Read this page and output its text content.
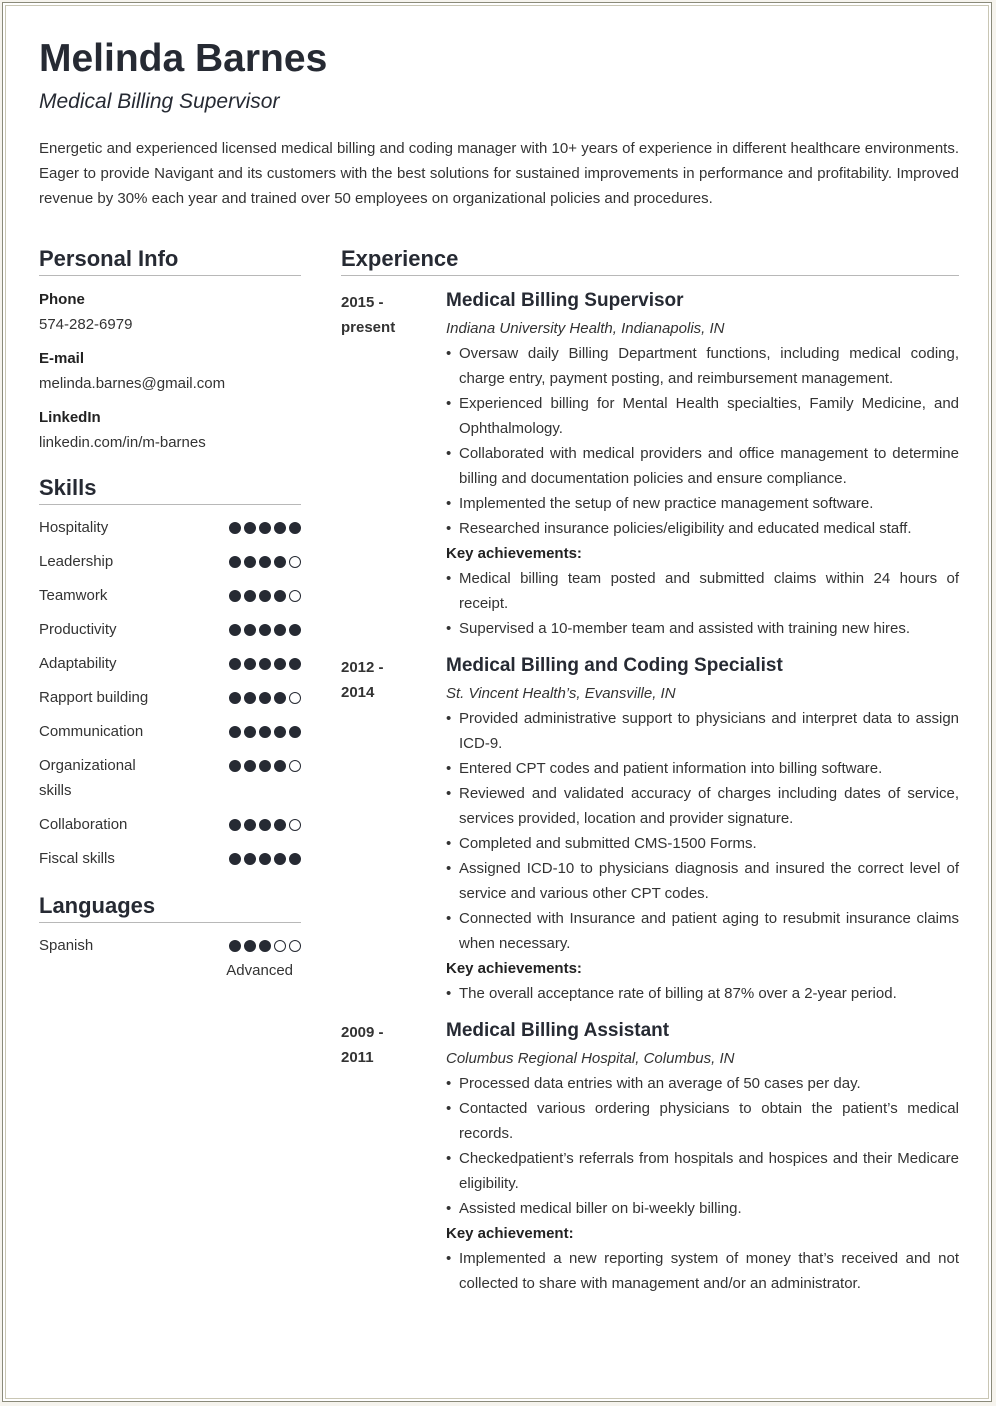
Melinda Barnes
Medical Billing Supervisor

Energetic and experienced licensed medical billing and coding manager with 10+ years of experience in different healthcare environments. Eager to provide Navigant and its customers with the best solutions for sustained improvements in performance and profitability. Improved revenue by 30% each year and trained over 50 employees on organizational policies and procedures.

Personal Info
Phone
574-282-6979
E-mail
melinda.barnes@gmail.com
LinkedIn
linkedin.com/in/m-barnes
Skills
Hospitality
Leadership
Teamwork
Productivity
Adaptability
Rapport building
Communication
Organizational skills
Collaboration
Fiscal skills
Languages
Spanish
Advanced
Experience
2015 -
present
Medical Billing Supervisor
Indiana University Health, Indianapolis, IN
• Oversaw daily Billing Department functions, including medical coding, charge entry, payment posting, and reimbursement management.
• Experienced billing for Mental Health specialties, Family Medicine, and Ophthalmology.
• Collaborated with medical providers and office management to determine billing and documentation policies and ensure compliance.
• Implemented the setup of new practice management software.
• Researched insurance policies/eligibility and educated medical staff.
Key achievements:
• Medical billing team posted and submitted claims within 24 hours of receipt.
• Supervised a 10-member team and assisted with training new hires.
2012 -
2014
Medical Billing and Coding Specialist
St. Vincent Health’s, Evansville, IN
• Provided administrative support to physicians and interpret data to assign ICD-9.
• Entered CPT codes and patient information into billing software.
• Reviewed and validated accuracy of charges including dates of service, services provided, location and provider signature.
• Completed and submitted CMS-1500 Forms.
• Assigned ICD-10 to physicians diagnosis and insured the correct level of service and various other CPT codes.
• Connected with Insurance and patient aging to resubmit insurance claims when necessary.
Key achievements:
• The overall acceptance rate of billing at 87% over a 2-year period.
2009 -
2011
Medical Billing Assistant
Columbus Regional Hospital, Columbus, IN
• Processed data entries with an average of 50 cases per day.
• Contacted various ordering physicians to obtain the patient’s medical records.
• Checkedpatient’s referrals from hospitals and hospices and their Medicare eligibility.
• Assisted medical biller on bi-weekly billing.
Key achievement:
• Implemented a new reporting system of money that’s received and not collected to share with management and/or an administrator.
